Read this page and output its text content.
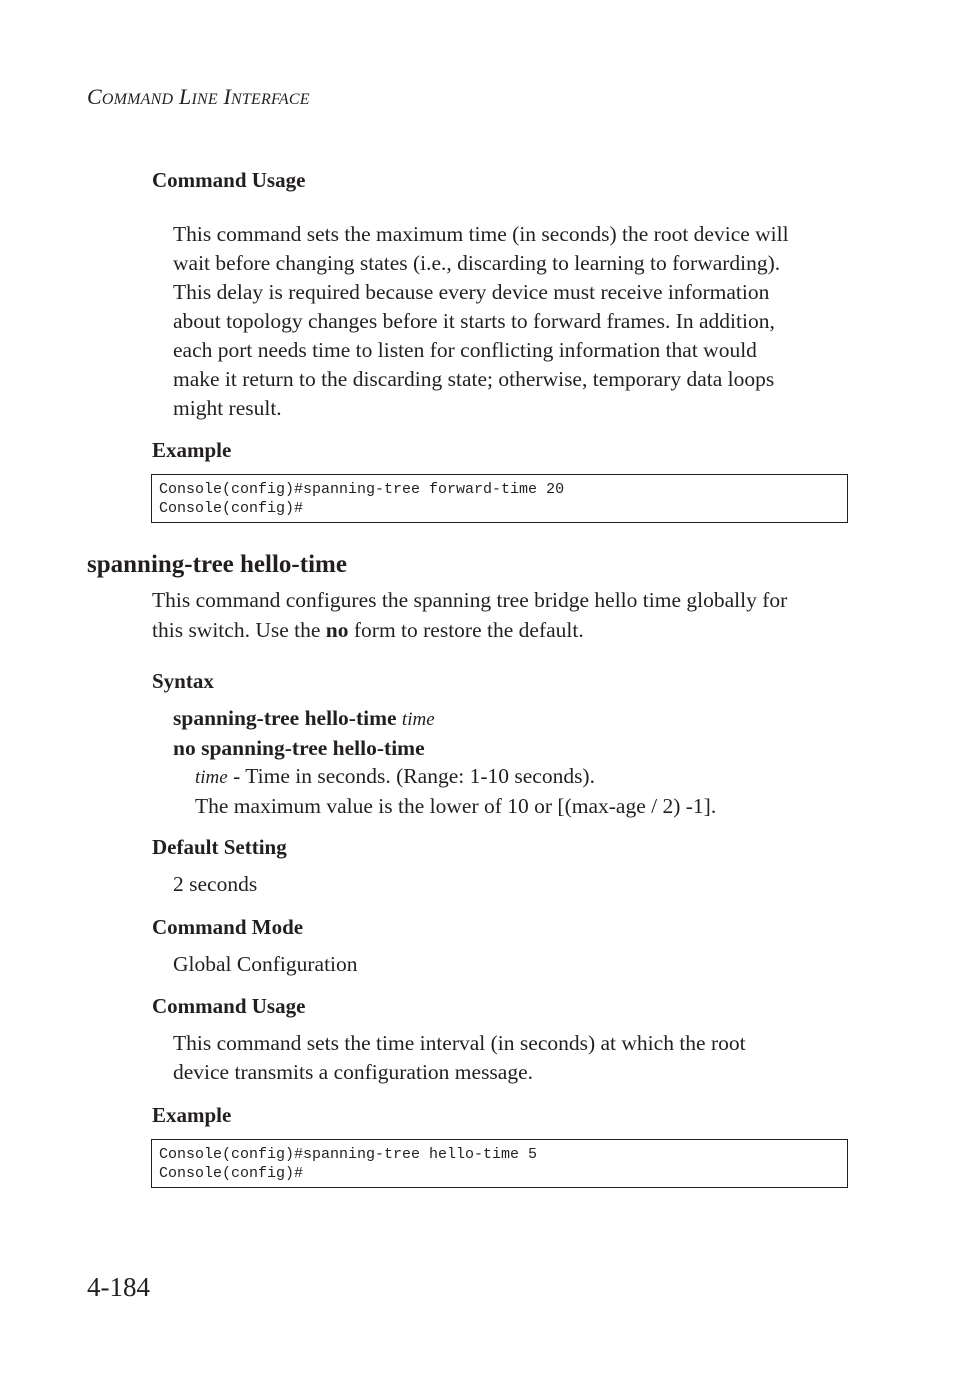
COMMAND LINE INTERFACE
Command Usage
This command sets the maximum time (in seconds) the root device will
wait before changing states (i.e., discarding to learning to forwarding).
This delay is required because every device must receive information
about topology changes before it starts to forward frames. In addition,
each port needs time to listen for conflicting information that would
make it return to the discarding state; otherwise, temporary data loops
might result.
Example
Console(config)#spanning-tree forward-time 20
Console(config)#
spanning-tree hello-time
This command configures the spanning tree bridge hello time globally for
this switch. Use the no form to restore the default.
Syntax
spanning-tree hello-time time
no spanning-tree hello-time
time - Time in seconds. (Range: 1-10 seconds).
The maximum value is the lower of 10 or [(max-age / 2) -1].
Default Setting
2 seconds
Command Mode
Global Configuration
Command Usage
This command sets the time interval (in seconds) at which the root
device transmits a configuration message.
Example
Console(config)#spanning-tree hello-time 5
Console(config)#
4-184
